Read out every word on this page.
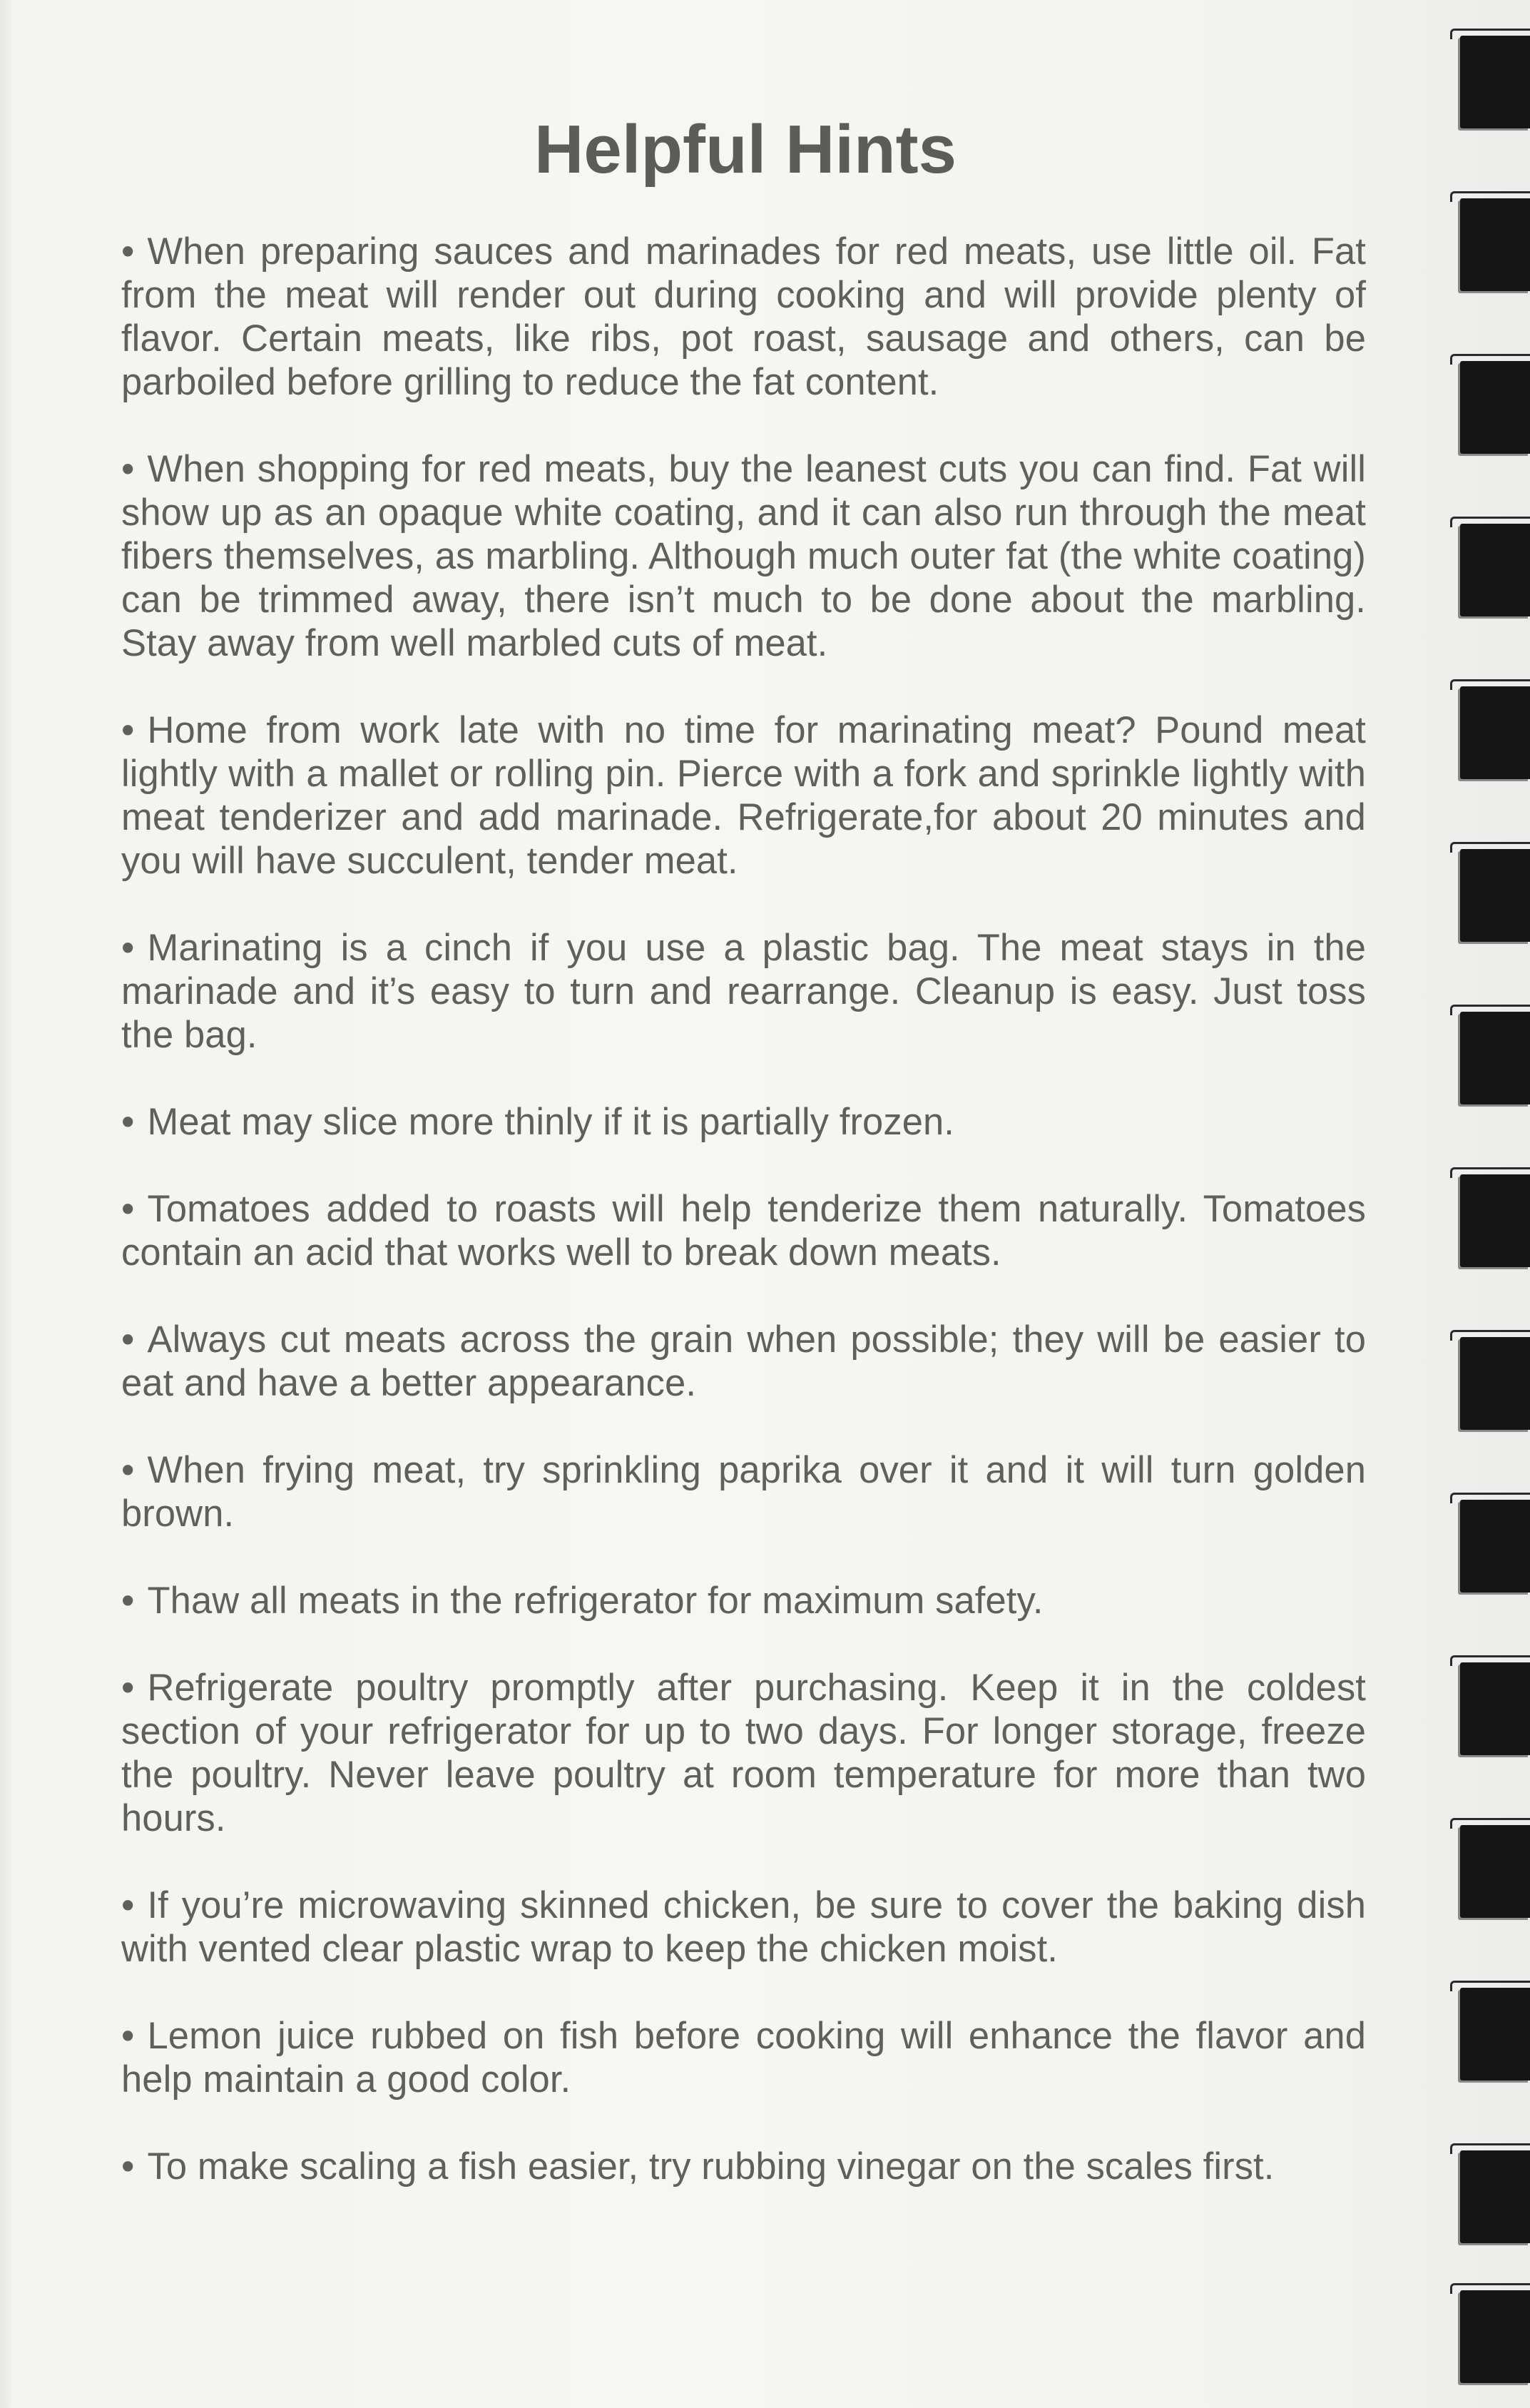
Helpful Hints
• When preparing sauces and marinades for red meats, use little oil. Fat from the meat will render out during cooking and will provide plenty of flavor. Certain meats, like ribs, pot roast, sausage and others, can be parboiled before grilling to reduce the fat content.
• When shopping for red meats, buy the leanest cuts you can find. Fat will show up as an opaque white coating, and it can also run through the meat fibers themselves, as marbling. Although much outer fat (the white coating) can be trimmed away, there isn’t much to be done about the marbling. Stay away from well marbled cuts of meat.
• Home from work late with no time for marinating meat? Pound meat lightly with a mallet or rolling pin. Pierce with a fork and sprinkle lightly with meat tenderizer and add marinade. Refrigerate,for about 20 minutes and you will have succulent, tender meat.
• Marinating is a cinch if you use a plastic bag. The meat stays in the marinade and it’s easy to turn and rearrange. Cleanup is easy. Just toss the bag.
• Meat may slice more thinly if it is partially frozen.
• Tomatoes added to roasts will help tenderize them naturally. Tomatoes contain an acid that works well to break down meats.
• Always cut meats across the grain when possible; they will be easier to eat and have a better appearance.
• When frying meat, try sprinkling paprika over it and it will turn golden brown.
• Thaw all meats in the refrigerator for maximum safety.
• Refrigerate poultry promptly after purchasing. Keep it in the coldest section of your refrigerator for up to two days. For longer storage, freeze the poultry. Never leave poultry at room temperature for more than two hours.
• If you’re microwaving skinned chicken, be sure to cover the baking dish with vented clear plastic wrap to keep the chicken moist.
• Lemon juice rubbed on fish before cooking will enhance the flavor and help maintain a good color.
• To make scaling a fish easier, try rubbing vinegar on the scales first.
